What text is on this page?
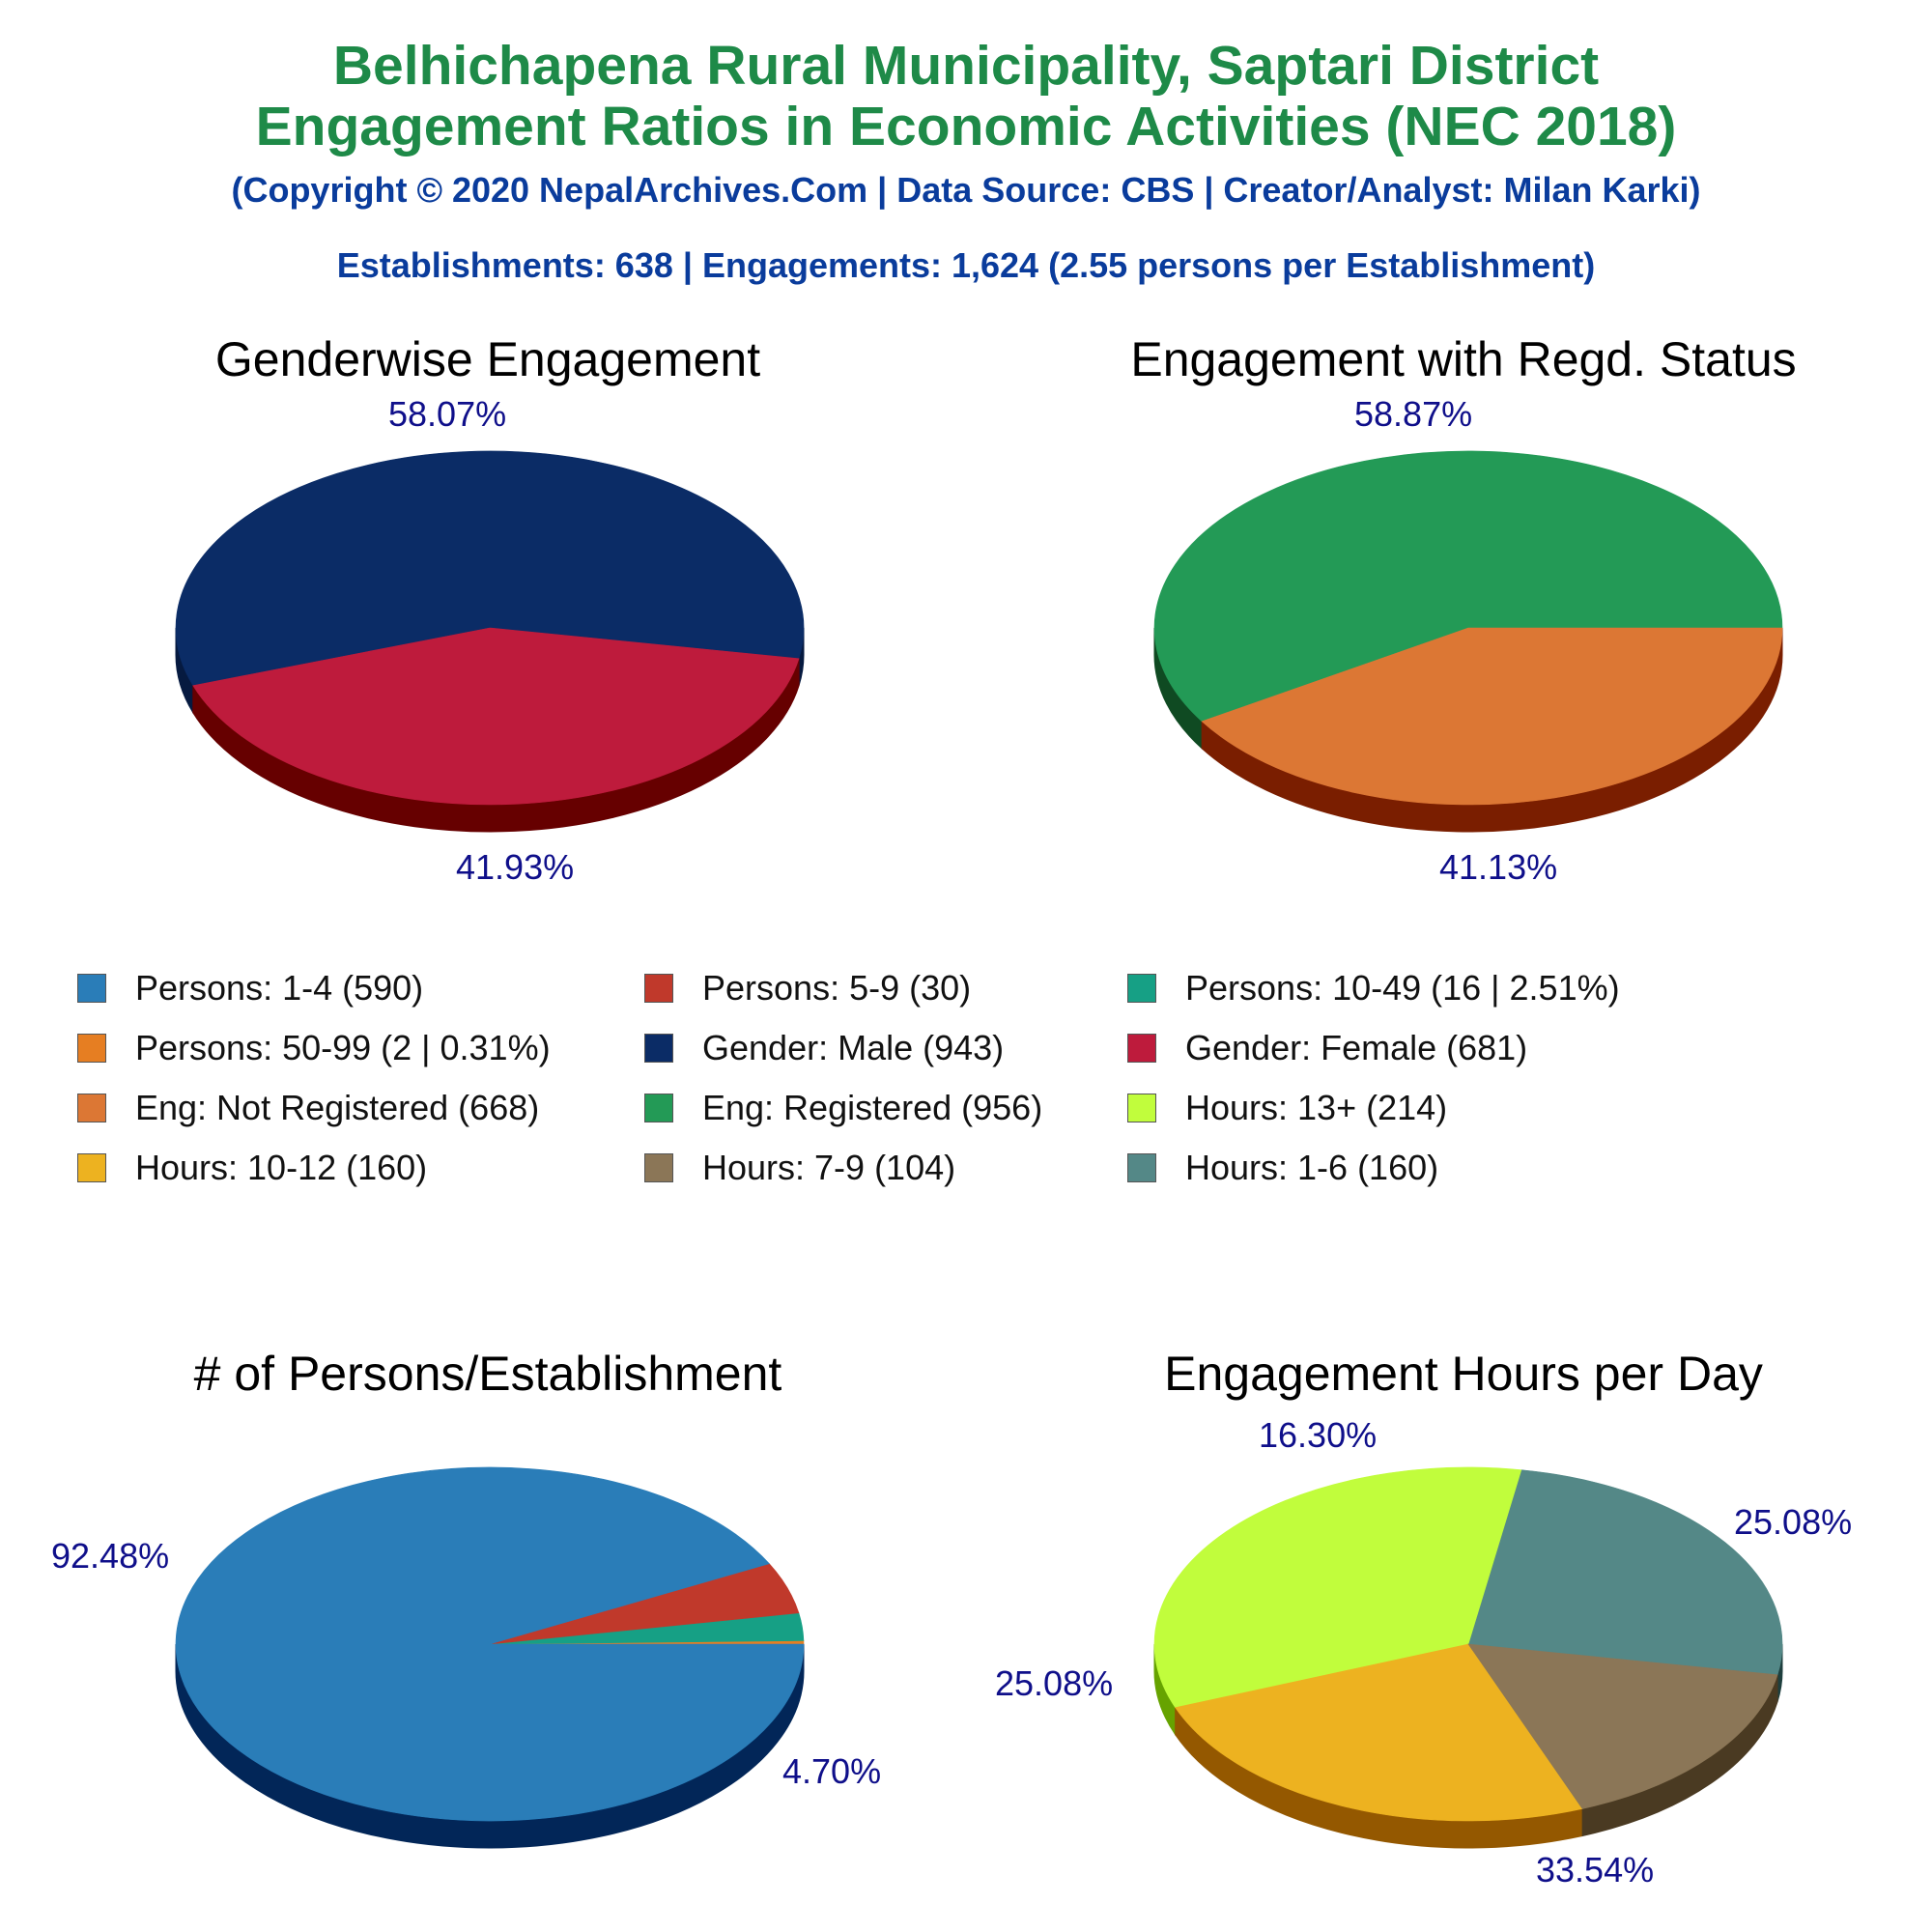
Belhichapena Rural Municipality, Saptari District
Engagement Ratios in Economic Activities (NEC 2018)
(Copyright © 2020 NepalArchives.Com | Data Source: CBS | Creator/Analyst: Milan Karki)
Establishments: 638 | Engagements: 1,624 (2.55 persons per Establishment)
Genderwise Engagement	Engagement with Regd. Status
# of Persons/Establishment	Engagement Hours per Day
58.07%
41.93%
58.87%
41.13%
92.48%
4.70%
16.30%
25.08%
25.08%
33.54%
Persons: 1-4 (590)	Persons: 5-9 (30)	Persons: 10-49 (16 | 2.51%)
Persons: 50-99 (2 | 0.31%)	Gender: Male (943)	Gender: Female (681)
Eng: Not Registered (668)	Eng: Registered (956)	Hours: 13+ (214)
Hours: 10-12 (160)	Hours: 7-9 (104)	Hours: 1-6 (160)
